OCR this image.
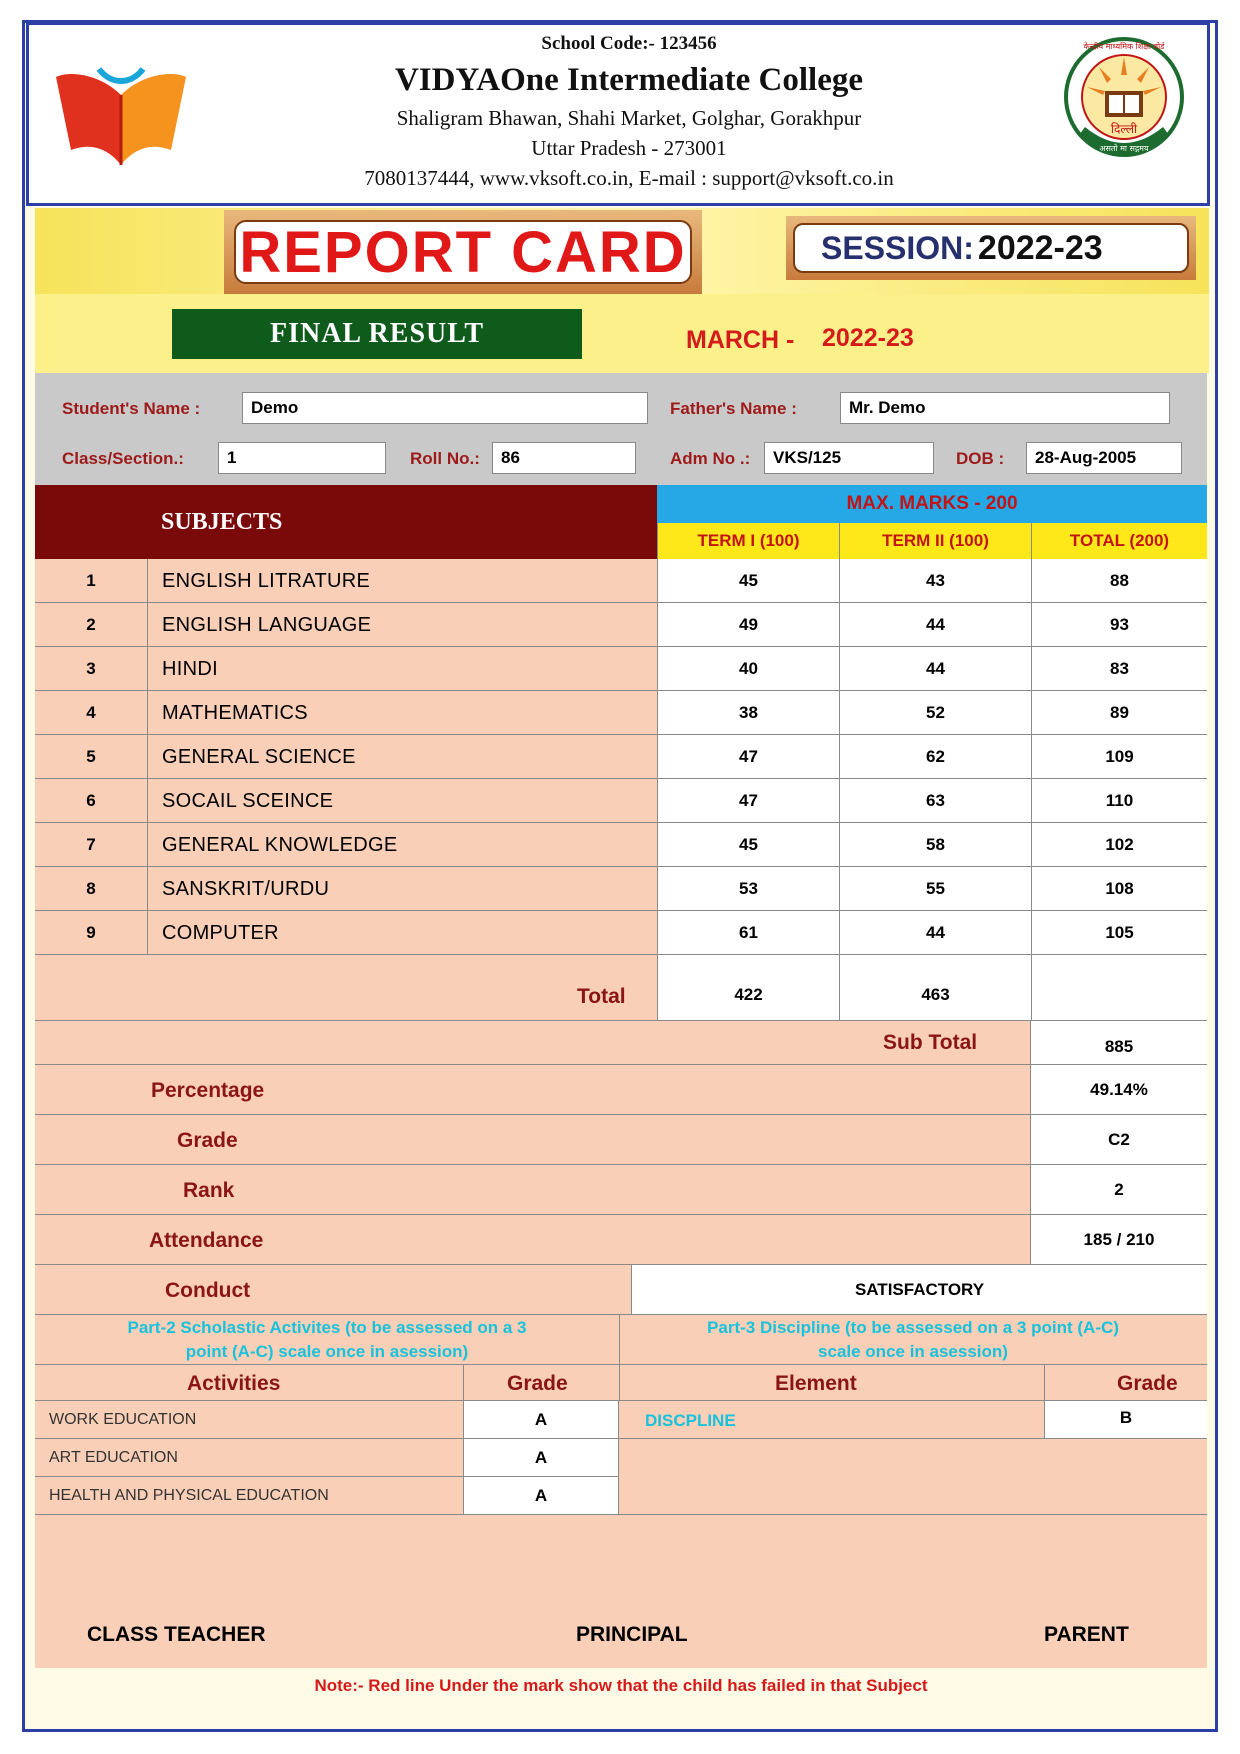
School Code:- 123456
VIDYAOne Intermediate College
Shaligram Bhawan, Shahi Market, Golghar, Gorakhpur
Uttar Pradesh - 273001
7080137444, www.vksoft.co.in, E-mail : support@vksoft.co.in
दिल्ली
असतो मा सद्गमय
केन्द्रीय माध्यमिक शिक्षा बोर्ड
REPORT CARD	SESSION: 2022-23
FINAL RESULT	MARCH - 2022-23
Student's Name :	Demo	Father's Name :	Mr. Demo
Class/Section.:	1	Roll No.:	86	Adm No .:	VKS/125	DOB :	28-Aug-2005
SUBJECTS
MAX. MARKS - 200
TERM I (100)	TERM II (100)	TOTAL (200)
1	ENGLISH LITRATURE	45	43	88
2	ENGLISH LANGUAGE	49	44	93
3	HINDI	40	44	83
4	MATHEMATICS	38	52	89
5	GENERAL SCIENCE	47	62	109
6	SOCAIL SCEINCE	47	63	110
7	GENERAL KNOWLEDGE	45	58	102
8	SANSKRIT/URDU	53	55	108
9	COMPUTER	61	44	105
Total	422	463
Sub Total	885
Percentage	49.14%
Grade	C2
Rank	2
Attendance	185 / 210
Conduct	SATISFACTORY
Part-2 Scholastic Activites (to be assessed on a 3
point (A-C) scale once in asession)
Part-3 Discipline (to be assessed on a 3 point (A-C)
scale once in asession)
Activities	Grade	Element	Grade
WORK EDUCATION	A	DISCPLINE	B
ART EDUCATION	A
HEALTH AND PHYSICAL EDUCATION	A
CLASS TEACHER	PRINCIPAL	PARENT
Note:- Red line Under the mark show that the child has failed in that Subject
